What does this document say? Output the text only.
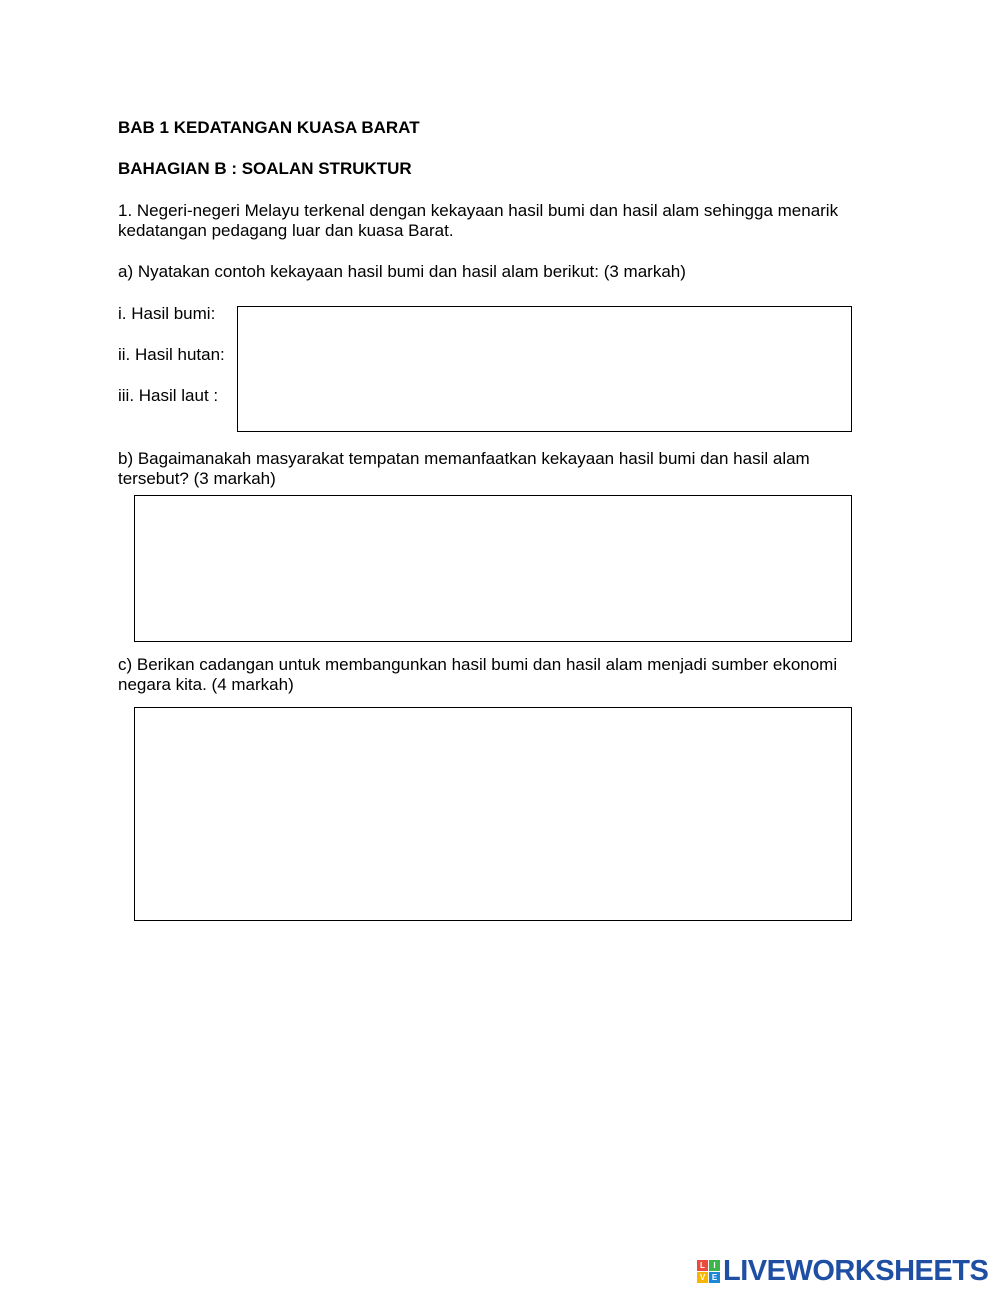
BAB 1 KEDATANGAN KUASA BARAT
BAHAGIAN B : SOALAN STRUKTUR
1. Negeri-negeri Melayu terkenal dengan kekayaan hasil bumi dan hasil alam sehingga menarik
kedatangan pedagang luar dan kuasa Barat.
a) Nyatakan contoh kekayaan hasil bumi dan hasil alam berikut: (3 markah)
i. Hasil bumi:
ii. Hasil hutan:
iii. Hasil laut :
b) Bagaimanakah masyarakat tempatan memanfaatkan kekayaan hasil bumi dan hasil alam
tersebut? (3 markah)
c) Berikan cadangan untuk membangunkan hasil bumi dan hasil alam menjadi sumber ekonomi
negara kita. (4 markah)
L	I
V E LIVEWORKSHEETS
